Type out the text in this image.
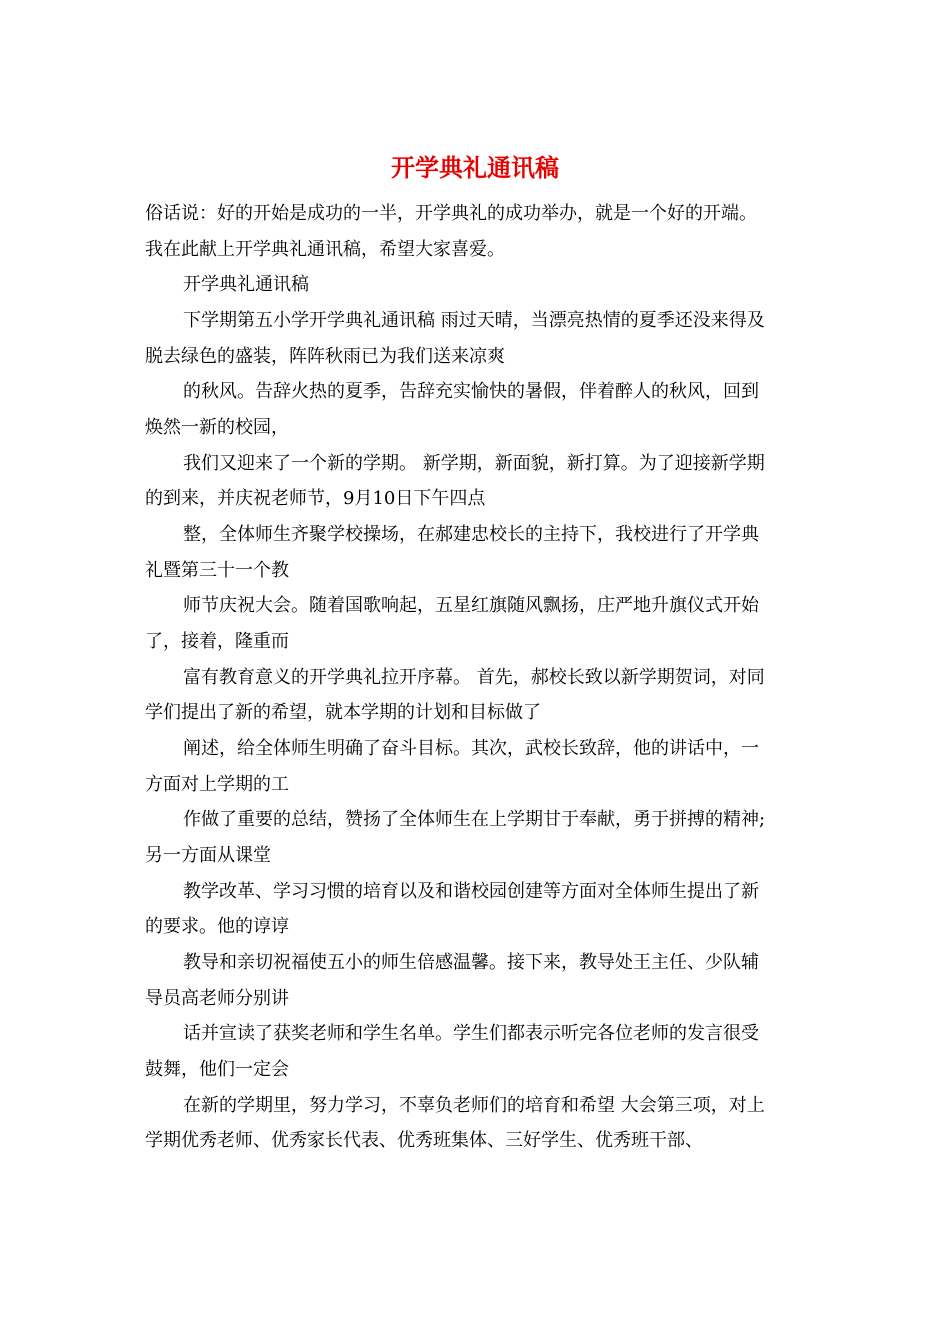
开学典礼通讯稿
俗话说：好的开始是成功的一半，开学典礼的成功举办，就是一个好的开端。
我在此献上开学典礼通讯稿，希望大家喜爱。
开学典礼通讯稿
下学期第五小学开学典礼通讯稿 雨过天晴，当漂亮热情的夏季还没来得及
脱去绿色的盛装，阵阵秋雨已为我们送来凉爽
的秋风。告辞火热的夏季，告辞充实愉快的暑假，伴着醉人的秋风，回到
焕然一新的校园，
我们又迎来了一个新的学期。 新学期，新面貌，新打算。为了迎接新学期
的到来，并庆祝老师节，9月10日下午四点
整，全体师生齐聚学校操场，在郝建忠校长的主持下，我校进行了开学典
礼暨第三十一个教
师节庆祝大会。随着国歌响起，五星红旗随风飘扬，庄严地升旗仪式开始
了，接着，隆重而
富有教育意义的开学典礼拉开序幕。 首先，郝校长致以新学期贺词，对同
学们提出了新的希望，就本学期的计划和目标做了
阐述，给全体师生明确了奋斗目标。其次，武校长致辞，他的讲话中，一
方面对上学期的工
作做了重要的总结，赞扬了全体师生在上学期甘于奉献，勇于拼搏的精神;
另一方面从课堂
教学改革、学习习惯的培育以及和谐校园创建等方面对全体师生提出了新
的要求。他的谆谆
教导和亲切祝福使五小的师生倍感温馨。接下来，教导处王主任、少队辅
导员高老师分别讲
话并宣读了获奖老师和学生名单。学生们都表示听完各位老师的发言很受
鼓舞，他们一定会
在新的学期里，努力学习，不辜负老师们的培育和希望 大会第三项，对上
学期优秀老师、优秀家长代表、优秀班集体、三好学生、优秀班干部、
